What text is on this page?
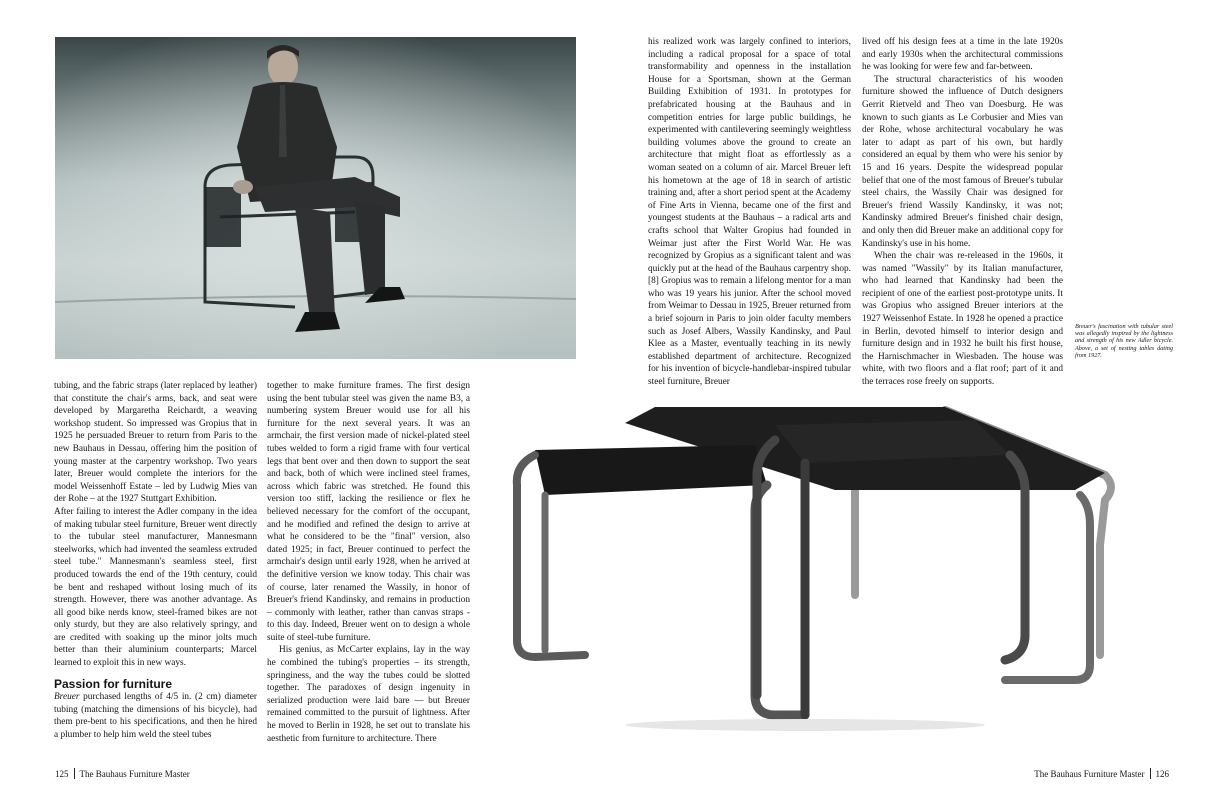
his realized work was largely confined to interiors, including a radical proposal for a space of total transformability and openness in the installation House for a Sportsman, shown at the German Building Exhibition of 1931. In prototypes for prefabricated housing at the Bauhaus and in competition entries for large public buildings, he experimented with cantilevering seemingly weightless building volumes above the ground to create an architecture that might float as effortlessly as a woman seated on a column of air. Marcel Breuer left his hometown at the age of 18 in search of artistic training and, after a short period spent at the Academy of Fine Arts in Vienna, became one of the first and youngest students at the Bauhaus – a radical arts and crafts school that Walter Gropius had founded in Weimar just after the First World War. He was recognized by Gropius as a significant talent and was quickly put at the head of the Bauhaus carpentry shop.[8] Gropius was to remain a lifelong mentor for a man who was 19 years his junior. After the school moved from Weimar to Dessau in 1925, Breuer returned from a brief sojourn in Paris to join older faculty members such as Josef Albers, Wassily Kandinsky, and Paul Klee as a Master, eventually teaching in its newly established department of architecture. Recognized for his invention of bicycle-handlebar-inspired tubular steel furniture, Breuer

lived off his design fees at a time in the late 1920s and early 1930s when the architectural commissions he was looking for were few and far-between.

The structural characteristics of his wooden furniture showed the influence of Dutch designers Gerrit Rietveld and Theo van Doesburg. He was known to such giants as Le Corbusier and Mies van der Rohe, whose architectural vocabulary he was later to adapt as part of his own, but hardly considered an equal by them who were his senior by 15 and 16 years. Despite the widespread popular belief that one of the most famous of Breuer's tubular steel chairs, the Wassily Chair was designed for Breuer's friend Wassily Kandinsky, it was not; Kandinsky admired Breuer's finished chair design, and only then did Breuer make an additional copy for Kandinsky's use in his home.

When the chair was re-released in the 1960s, it was named "Wassily" by its Italian manufacturer, who had learned that Kandinsky had been the recipient of one of the earliest post-prototype units. It was Gropius who assigned Breuer interiors at the 1927 Weissenhof Estate. In 1928 he opened a practice in Berlin, devoted himself to interior design and furniture design and in 1932 he built his first house, the Harnischmacher in Wiesbaden. The house was white, with two floors and a flat roof; part of it and the terraces rose freely on supports.

Breuer's fascination with tubular steel was allegedly inspired by the lightness and strength of his new Adler bicycle. Above, a set of nesting tables dating from 1927.

tubing, and the fabric straps (later replaced by leather) that constitute the chair's arms, back, and seat were developed by Margaretha Reichardt, a weaving workshop student. So impressed was Gropius that in 1925 he persuaded Breuer to return from Paris to the new Bauhaus in Dessau, offering him the position of young master at the carpentry workshop. Two years later, Breuer would complete the interiors for the model Weissenhoff Estate – led by Ludwig Mies van der Rohe – at the 1927 Stuttgart Exhibition.

After failing to interest the Adler company in the idea of making tubular steel furniture, Breuer went directly to the tubular steel manufacturer, Mannesmann steelworks, which had invented the seamless extruded steel tube." Mannesmann's seamless steel, first produced towards the end of the 19th century, could be bent and reshaped without losing much of its strength. However, there was another advantage. As all good bike nerds know, steel-framed bikes are not only sturdy, but they are also relatively springy, and are credited with soaking up the minor jolts much better than their aluminium counterparts; Marcel learned to exploit this in new ways.

Passion for furniture

Breuer purchased lengths of 4/5 in. (2 cm) diameter tubing (matching the dimensions of his bicycle), had them pre-bent to his specifications, and then he hired a plumber to help him weld the steel tubes

together to make furniture frames. The first design using the bent tubular steel was given the name B3, a numbering system Breuer would use for all his furniture for the next several years. It was an armchair, the first version made of nickel-plated steel tubes welded to form a rigid frame with four vertical legs that bent over and then down to support the seat and back, both of which were inclined steel frames, across which fabric was stretched. He found this version too stiff, lacking the resilience or flex he believed necessary for the comfort of the occupant, and he modified and refined the design to arrive at what he considered to be the "final" version, also dated 1925; in fact, Breuer continued to perfect the armchair's design until early 1928, when he arrived at the definitive version we know today. This chair was of course, later renamed the Wassily, in honor of Breuer's friend Kandinsky, and remains in production – commonly with leather, rather than canvas straps - to this day. Indeed, Breuer went on to design a whole suite of steel-tube furniture.

His genius, as McCarter explains, lay in the way he combined the tubing's properties – its strength, springiness, and the way the tubes could be slotted together. The paradoxes of design ingenuity in serialized production were laid bare — but Breuer remained committed to the pursuit of lightness. After he moved to Berlin in 1928, he set out to translate his aesthetic from furniture to architecture. There

125 The Bauhaus Furniture Master	The Bauhaus Furniture Master 126
